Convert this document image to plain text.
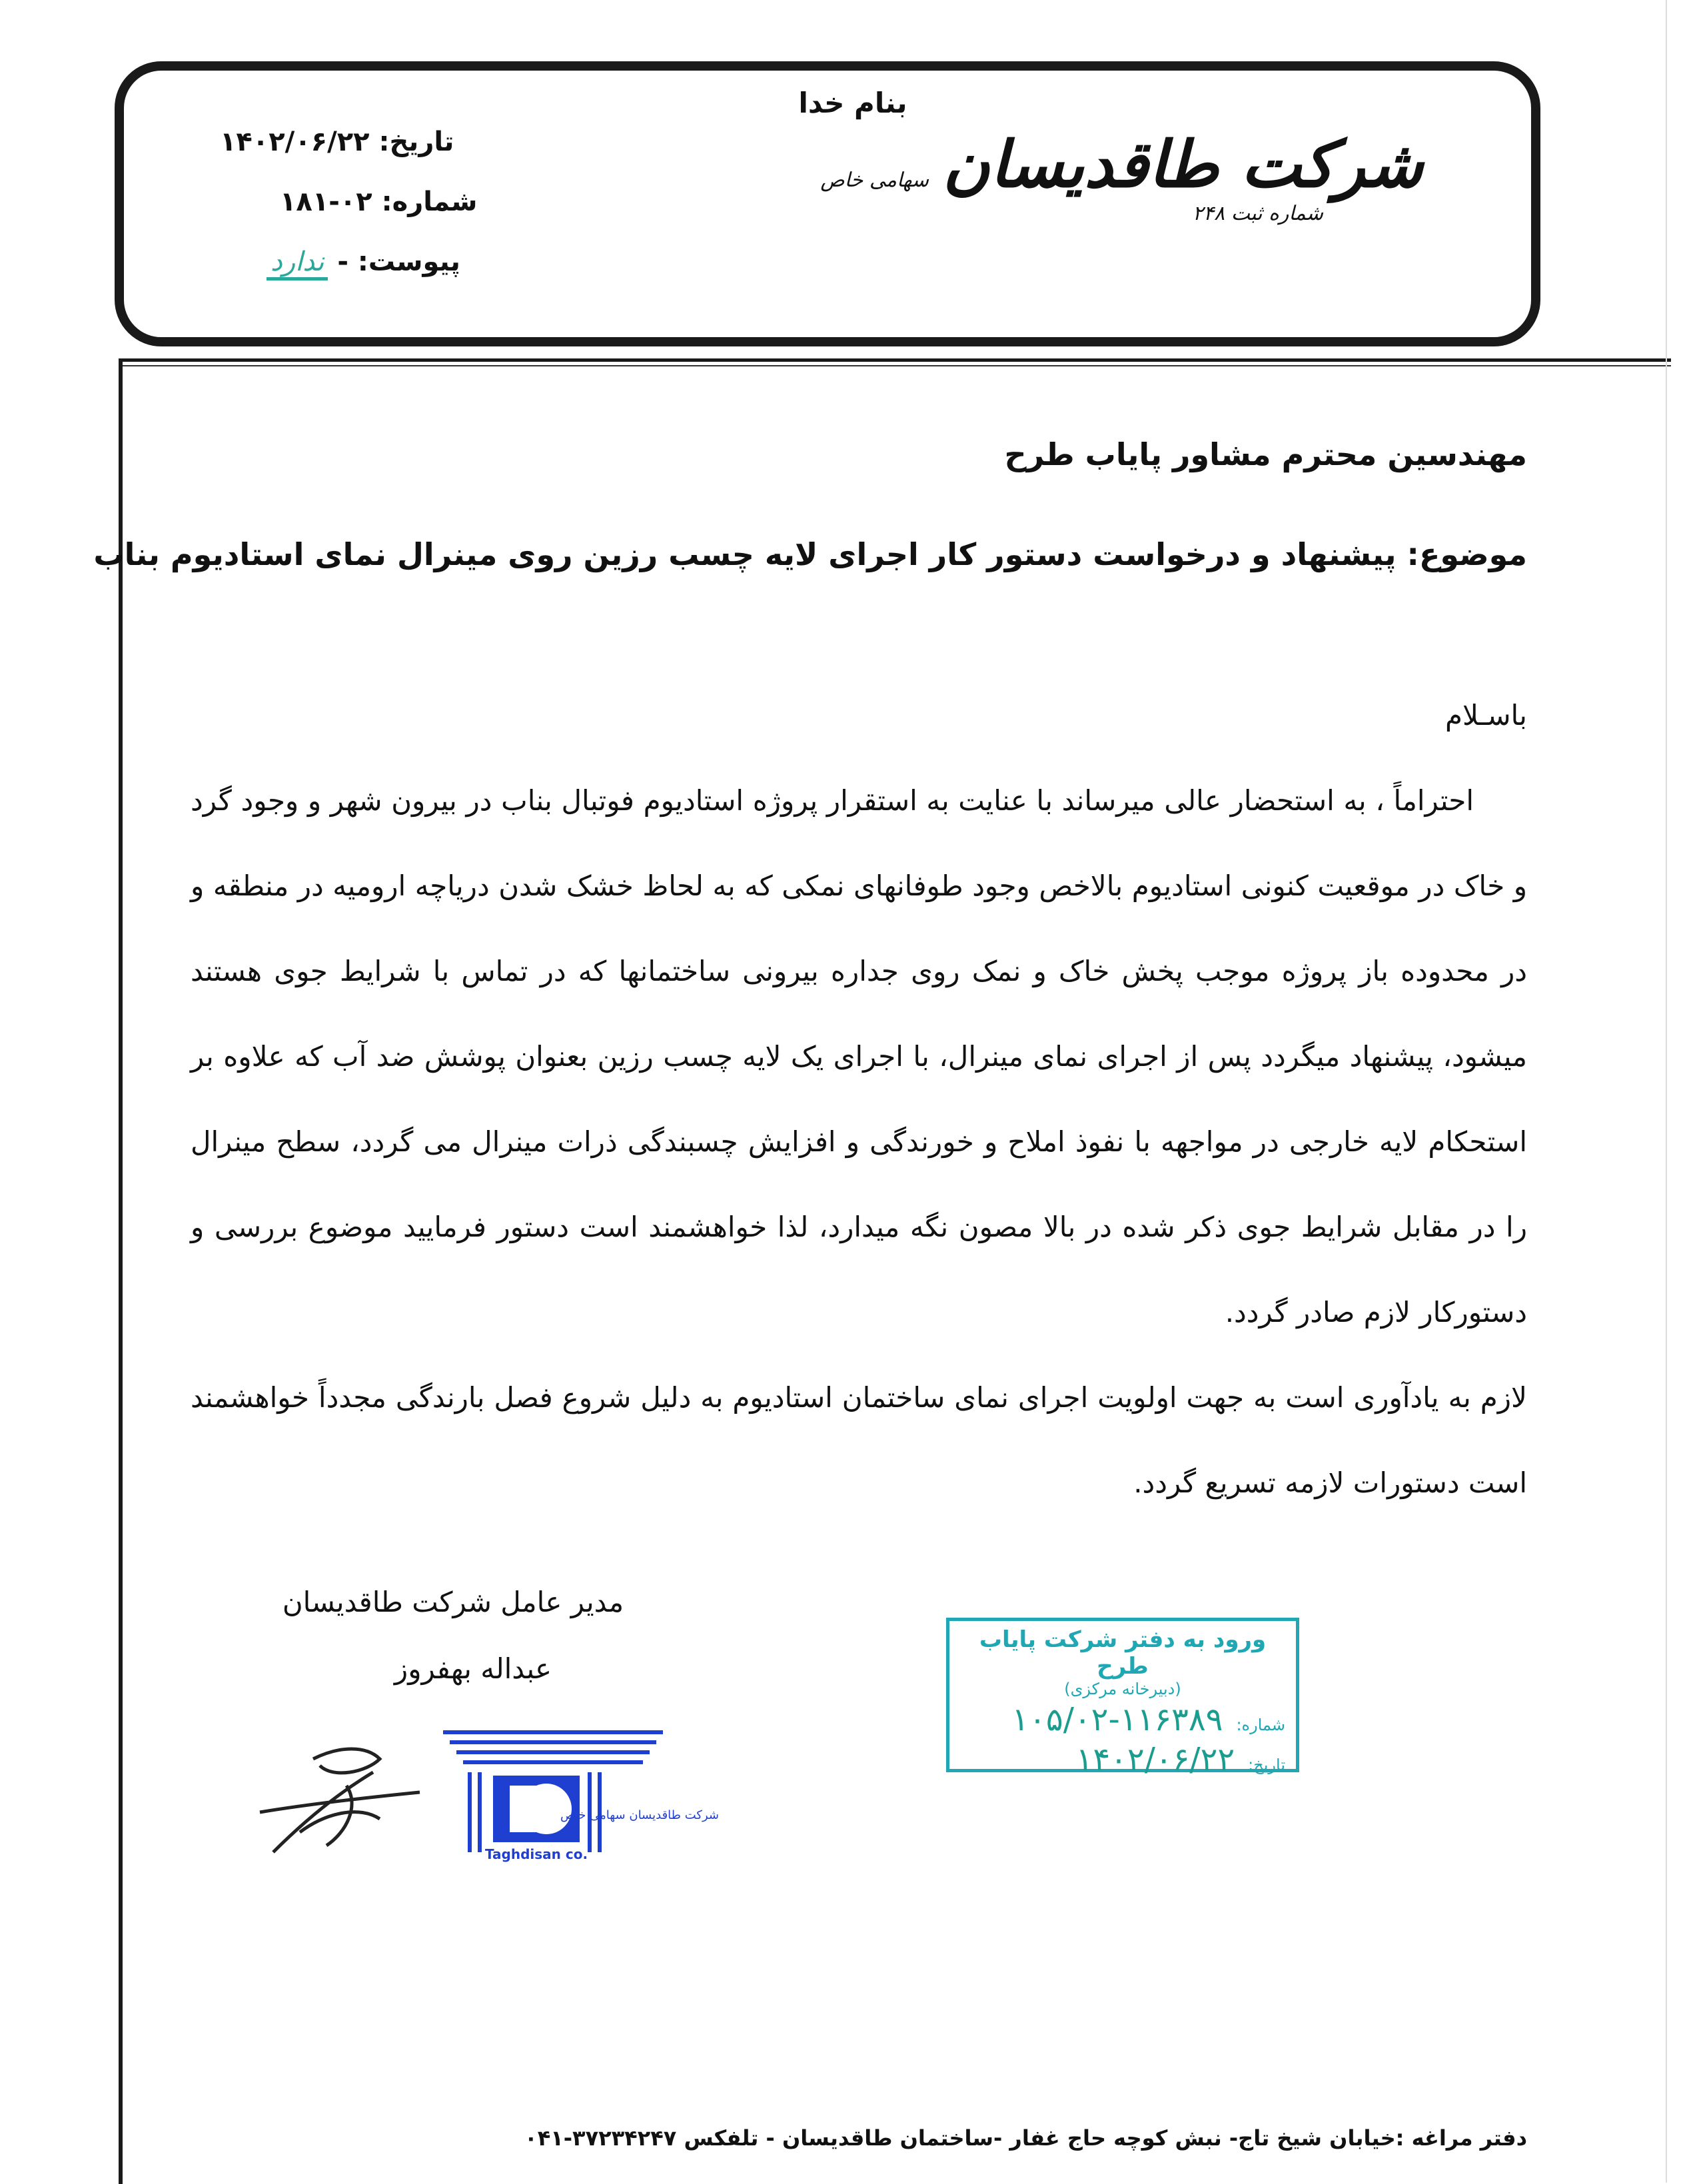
بنام خدا
تاریخ: ۱۴۰۲/۰۶/۲۲
شماره: ۰۲-۱۸۱
پیوست: - ندارد
شرکت طاقدیسان سهامی خاص
شماره ثبت ۲۴۸
مهندسین محترم مشاور پایاب طرح
موضوع: پیشنهاد و درخواست دستور کار اجرای لایه چسب رزین روی مینرال نمای استادیوم بناب

باسـلام

احتراماً ، به استحضار عالی میرساند با عنایت به استقرار پروژه استادیوم فوتبال بناب در بیرون شهر و وجود گرد و خاک در موقعیت کنونی استادیوم بالاخص وجود طوفانهای نمکی که به لحاظ خشک شدن دریاچه ارومیه در منطقه و در محدوده باز پروژه موجب پخش خاک و نمک روی جداره بیرونی ساختمانها که در تماس با شرایط جوی هستند میشود، پیشنهاد میگردد پس از اجرای نمای مینرال، با اجرای یک لایه چسب رزین بعنوان پوشش ضد آب که علاوه بر استحکام لایه خارجی در مواجهه با نفوذ املاح و خورندگی و افزایش چسبندگی ذرات مینرال می گردد، سطح مینرال را در مقابل شرایط جوی ذکر شده در بالا مصون نگه میدارد، لذا خواهشمند است دستور فرمایید موضوع بررسی و دستورکار لازم صادر گردد.

لازم به یادآوری است به جهت اولویت اجرای نمای ساختمان استادیوم به دلیل شروع فصل بارندگی مجدداً خواهشمند است دستورات لازمه تسریع گردد.

مدیر عامل شرکت طاقدیسان
عبداله بهفروز
Taghdisan co.
شرکت طاقدیسان سهامی خاص
ورود به دفتر شرکت پایاب طرح
(دبیرخانه مرکزی)
شماره:
۱۰۵/۰۲-۱۱۶۳۸۹
تاریخ:
۱۴۰۲/۰۶/۲۲
دفتر مراغه :خیابان شیخ تاج- نبش کوچه حاج غفار -ساختمان طاقدیسان - تلفکس ۳۷۲۳۴۲۴۷-۰۴۱
